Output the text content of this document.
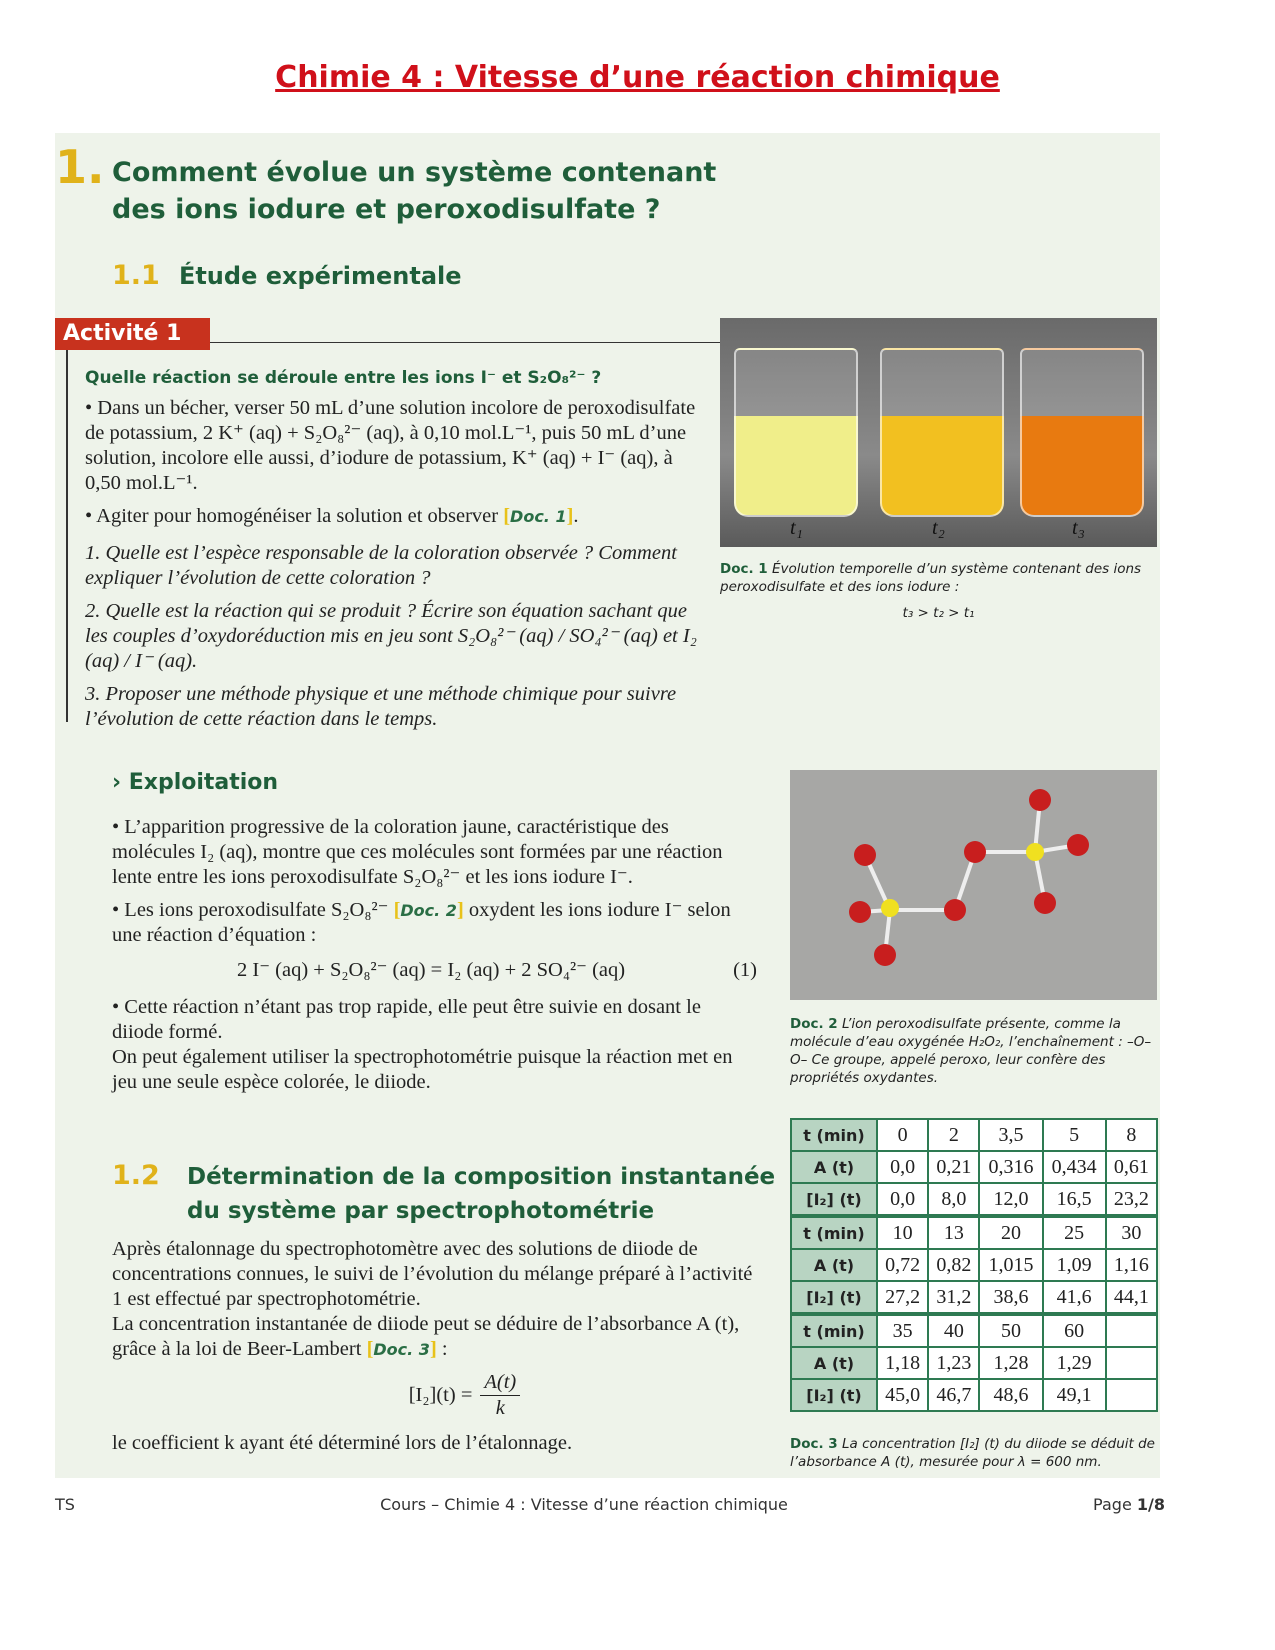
Chimie 4 : Vitesse d’une réaction chimique
1. Comment évolue un système contenant
des ions iodure et peroxodisulfate ?
1.1 Étude expérimentale
Activité 1
Quelle réaction se déroule entre les ions I⁻ et S₂O₈²⁻ ?

• Dans un bécher, verser 50 mL d’une solution incolore de peroxodisulfate de potassium, 2 K⁺ (aq) + S₂O₈²⁻ (aq), à 0,10 mol.L⁻¹, puis 50 mL d’une solution, incolore elle aussi, d’iodure de potassium, K⁺ (aq) + I⁻ (aq), à 0,50 mol.L⁻¹.

• Agiter pour homogénéiser la solution et observer [Doc. 1].

1. Quelle est l’espèce responsable de la coloration observée ? Comment expliquer l’évolution de cette coloration ?

2. Quelle est la réaction qui se produit ? Écrire son équation sachant que les couples d’oxydoréduction mis en jeu sont S₂O₈²⁻ (aq) / SO₄²⁻ (aq) et I₂ (aq) / I⁻ (aq).

3. Proposer une méthode physique et une méthode chimique pour suivre l’évolution de cette réaction dans le temps.

t₁	t₂	t₃
Doc. 1 Évolution temporelle d’un système contenant des ions peroxodisulfate et des ions iodure :
t₃ > t₂ > t₁
› Exploitation

• L’apparition progressive de la coloration jaune, caractéristique des molécules I₂ (aq), montre que ces molécules sont formées par une réaction lente entre les ions peroxodisulfate S₂O₈²⁻ et les ions iodure I⁻.

• Les ions peroxodisulfate S₂O₈²⁻ [Doc. 2] oxydent les ions iodure I⁻ selon une réaction d’équation :

2 I⁻ (aq) + S₂O₈²⁻ (aq) = I₂ (aq) + 2 SO₄²⁻ (aq)	(1)

• Cette réaction n’étant pas trop rapide, elle peut être suivie en dosant le diiode formé.

On peut également utiliser la spectrophotométrie puisque la réaction met en jeu une seule espèce colorée, le diiode.

Doc. 2 L’ion peroxodisulfate présente, comme la molécule d’eau oxygénée H₂O₂, l’enchaînement : –O–O– Ce groupe, appelé peroxo, leur confère des propriétés oxydantes.
1.2 Détermination de la composition instantanée
du système par spectrophotométrie

Après étalonnage du spectrophotomètre avec des solutions de diiode de concentrations connues, le suivi de l’évolution du mélange préparé à l’activité 1 est effectué par spectrophotométrie.

La concentration instantanée de diiode peut se déduire de l’absorbance A (t), grâce à la loi de Beer-Lambert [Doc. 3] :

$[I_2](t) = \frac{A(t)}{k}$

le coefficient k ayant été déterminé lors de l’étalonnage.

t (min)	0	2	3,5	5	8
A (t)	0,0	0,21	0,316	0,434	0,61
[I₂] (t)	0,0	8,0	12,0	16,5	23,2
t (min)	10	13	20	25	30
A (t)	0,72	0,82	1,015	1,09	1,16
[I₂] (t)	27,2	31,2	38,6	41,6	44,1
t (min)	35	40	50	60	
A (t)	1,18	1,23	1,28	1,29	
[I₂] (t)	45,0	46,7	48,6	49,1	
Doc. 3 La concentration [I₂] (t) du diiode se déduit de l’absorbance A (t), mesurée pour λ = 600 nm.
TS	Cours – Chimie 4 : Vitesse d’une réaction chimique	Page 1/8
